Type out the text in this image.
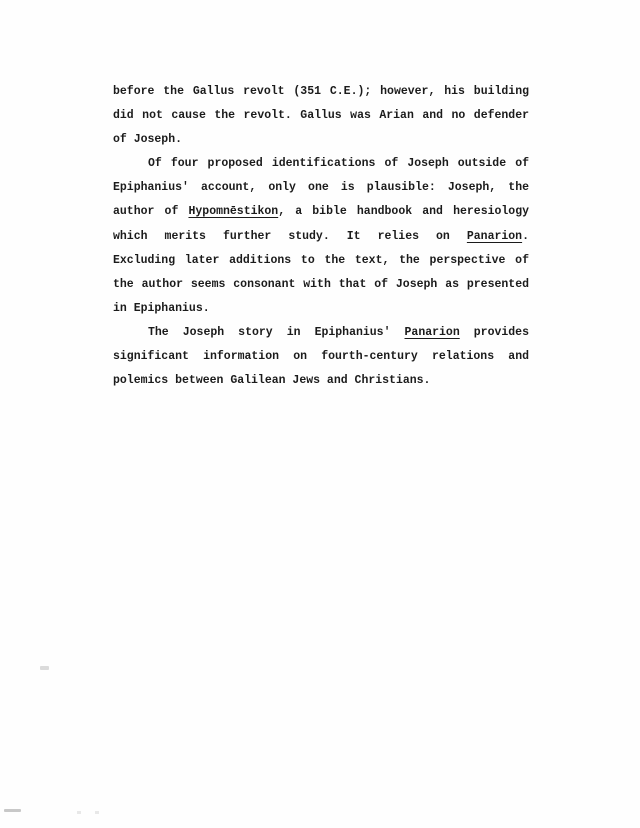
before the Gallus revolt (351 C.E.); however, his building
did not cause the revolt. Gallus was Arian and no defender
of Joseph.
Of four proposed identifications of Joseph outside of
Epiphanius' account, only one is plausible: Joseph, the
author of Hypomnēstikon, a bible handbook and heresiology
which merits further study. It relies on Panarion.
Excluding later additions to the text, the perspective of
the author seems consonant with that of Joseph as presented
in Epiphanius.
The Joseph story in Epiphanius' Panarion provides
significant information on fourth-century relations and
polemics between Galilean Jews and Christians.
